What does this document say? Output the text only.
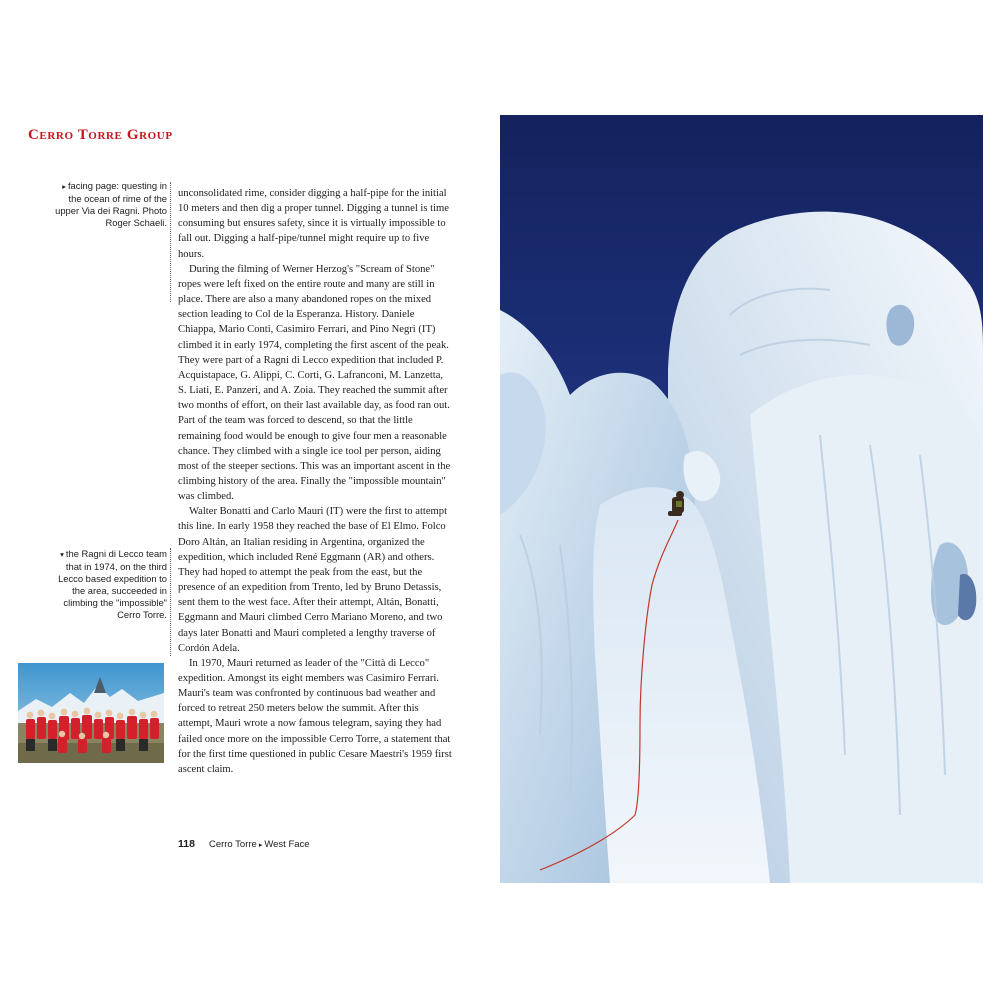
Cerro Torre Group
▸ facing page: questing in the ocean of rime of the upper Via dei Ragni. Photo Roger Schaeli.
▾ the Ragni di Lecco team that in 1974, on the third Lecco based expedition to the area, succeeded in climbing the "impossible" Cerro Torre.

unconsolidated rime, consider digging a half-pipe for the initial 10 meters and then dig a proper tunnel. Digging a tunnel is time consuming but ensures safety, since it is virtually impossible to fall out. Digging a half-pipe/tunnel might require up to five hours.

During the filming of Werner Herzog's "Scream of Stone" ropes were left fixed on the entire route and many are still in place. There are also a many abandoned ropes on the mixed section leading to Col de la Esperanza. History. Daniele Chiappa, Mario Conti, Casimiro Ferrari, and Pino Negri (IT) climbed it in early 1974, completing the first ascent of the peak. They were part of a Ragni di Lecco expedition that included P. Acquistapace, G. Alippi, C. Corti, G. Lafranconi, M. Lanzetta, S. Liati, E. Panzeri, and A. Zoia. They reached the summit after two months of effort, on their last available day, as food ran out. Part of the team was forced to descend, so that the little remaining food would be enough to give four men a reasonable chance. They climbed with a single ice tool per person, aiding most of the steeper sections. This was an important ascent in the climbing history of the area. Finally the "impossible mountain" was climbed.

Walter Bonatti and Carlo Mauri (IT) were the first to attempt this line. In early 1958 they reached the base of El Elmo. Folco Doro Altán, an Italian residing in Argentina, organized the expedition, which included René Eggmann (AR) and others. They had hoped to attempt the peak from the east, but the presence of an expedition from Trento, led by Bruno Detassis, sent them to the west face. After their attempt, Altán, Bonatti, Eggmann and Mauri climbed Cerro Mariano Moreno, and two days later Bonatti and Mauri completed a lengthy traverse of Cordón Adela.

In 1970, Mauri returned as leader of the "Città di Lecco" expedition. Amongst its eight members was Casimiro Ferrari. Mauri's team was confronted by continuous bad weather and forced to retreat 250 meters below the summit. After this attempt, Mauri wrote a now famous telegram, saying they had failed once more on the impossible Cerro Torre, a statement that for the first time questioned in public Cesare Maestri's 1959 first ascent claim.

118 Cerro Torre ▸ West Face
